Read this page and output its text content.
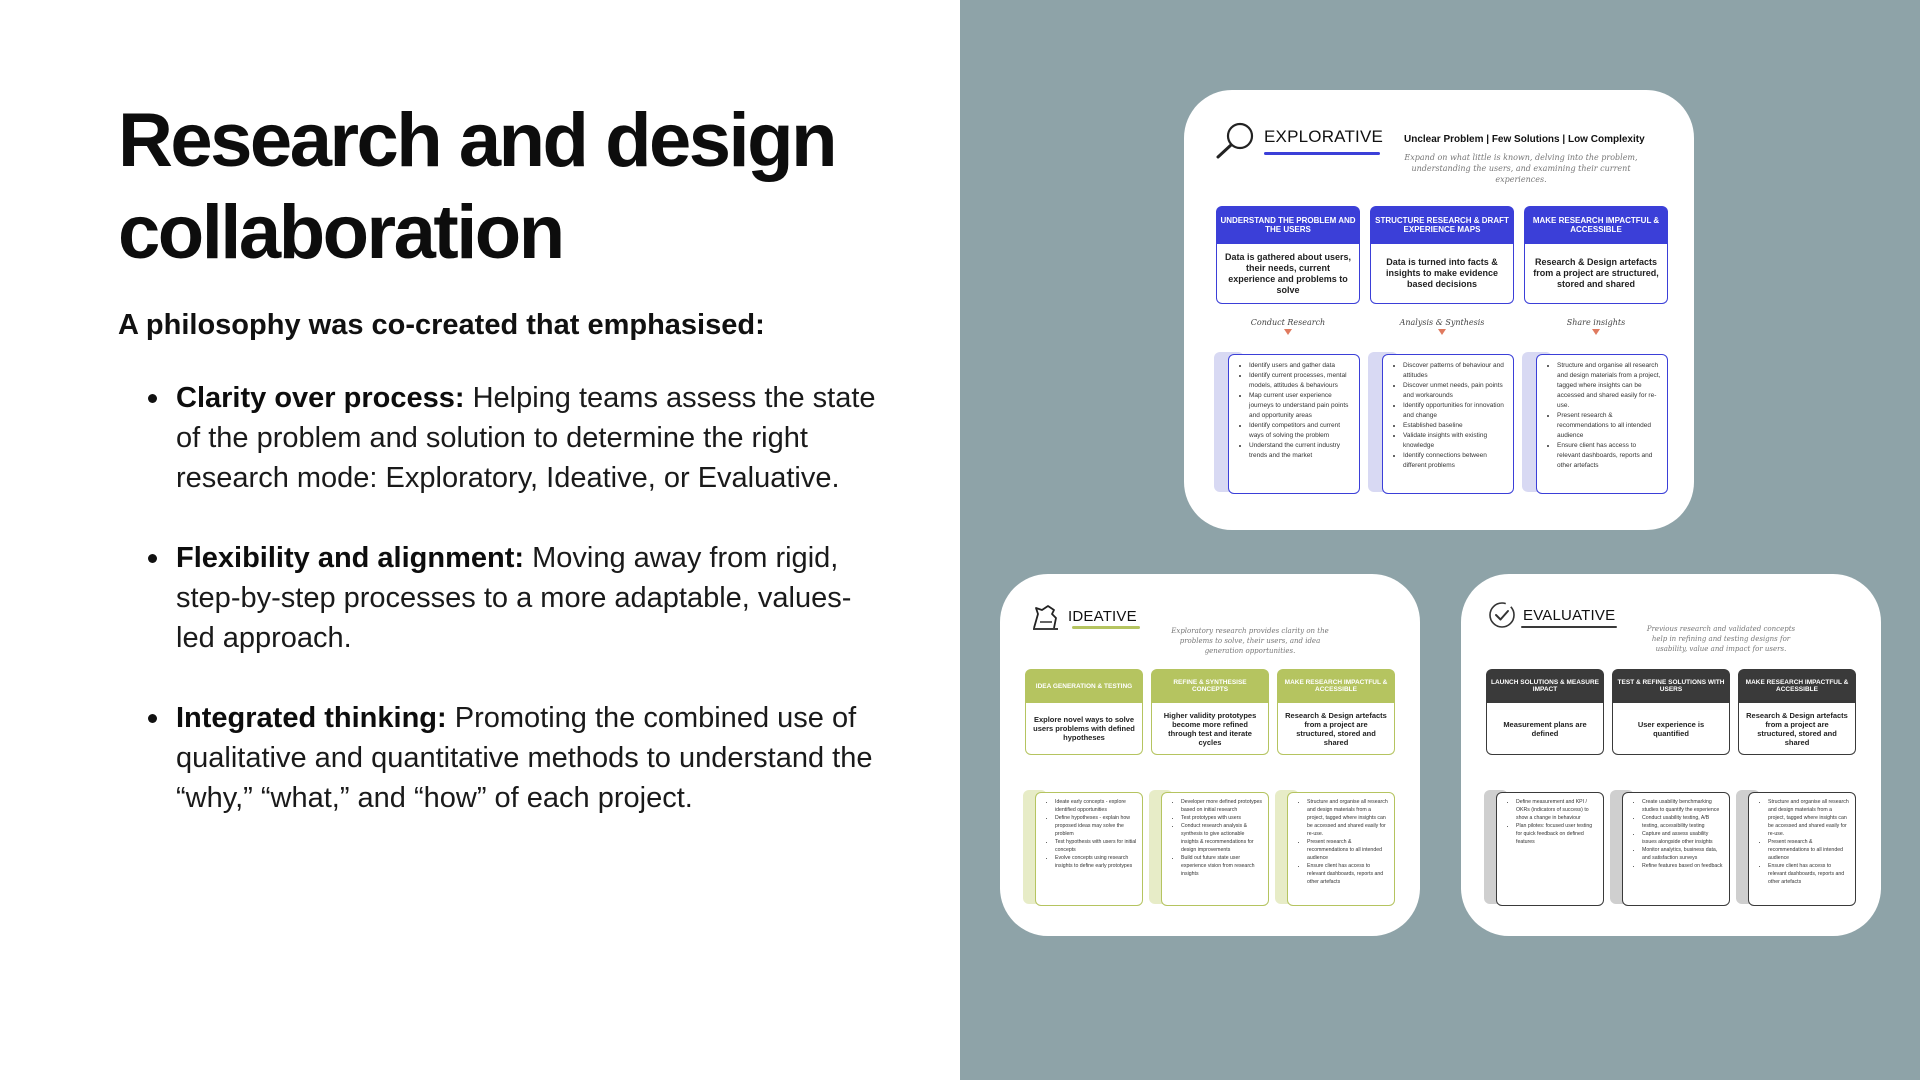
Research and design collaboration

A philosophy was co-created that emphasised:

Clarity over process: Helping teams assess the state of the problem and solution to determine the right research mode: Exploratory, Ideative, or Evaluative.
Flexibility and alignment: Moving away from rigid, step-by-step processes to a more adaptable, values-led approach.
Integrated thinking: Promoting the combined use of qualitative and quantitative methods to understand the “why,” “what,” and “how” of each project.
EXPLORATIVE Unclear Problem | Few Solutions | Low Complexity
Expand on what little is known, delving into the problem, understanding the users, and examining their current experiences.
UNDERSTAND THE PROBLEM AND THE USERS
Data is gathered about users, their needs, current experience and problems to solve
Conduct Research
STRUCTURE RESEARCH & DRAFT EXPERIENCE MAPS
Data is turned into facts & insights to make evidence based decisions
Analysis & Synthesis
MAKE RESEARCH IMPACTFUL & ACCESSIBLE
Research & Design artefacts from a project are structured, stored and shared
Share insights
• Identify users and gather data
• Identify current processes, mental models, attitudes & behaviours
• Map current user experience journeys to understand pain points and opportunity areas
• Identify competitors and current ways of solving the problem
• Understand the current industry trends and the market
• Discover patterns of behaviour and attitudes
• Discover unmet needs, pain points and workarounds
• Identify opportunities for innovation and change
• Established baseline
• Validate insights with existing knowledge
• Identify connections between different problems
• Structure and organise all research and design materials from a project, tagged where insights can be accessed and shared easily for re-use.
• Present research & recommendations to all intended audience
• Ensure client has access to relevant dashboards, reports and other artefacts
IDEATIVE
Exploratory research provides clarity on the problems to solve, their users, and idea generation opportunities.
IDEA GENERATION & TESTING
Explore novel ways to solve users problems with defined hypotheses
REFINE & SYNTHESISE CONCEPTS
Higher validity prototypes become more refined through test and iterate cycles
MAKE RESEARCH IMPACTFUL & ACCESSIBLE
Research & Design artefacts from a project are structured, stored and shared
• Ideate early concepts - explore identified opportunities
• Define hypotheses - explain how proposed ideas may solve the problem
• Test hypothesis with users for initial concepts
• Evolve concepts using research insights to define early prototypes
• Developer more defined prototypes based on initial research
• Test prototypes with users
• Conduct research analysis & synthesis to give actionable insights & recommendations for design improvements
• Build out future state user experience vision from research insights
• Structure and organise all research and design materials from a project, tagged where insights can be accessed and shared easily for re-use.
• Present research & recommendations to all intended audience
• Ensure client has access to relevant dashboards, reports and other artefacts
EVALUATIVE
Previous research and validated concepts help in refining and testing designs for usability, value and impact for users.
LAUNCH SOLUTIONS & MEASURE IMPACT
Measurement plans are defined
TEST & REFINE SOLUTIONS WITH USERS
User experience is quantified
MAKE RESEARCH IMPACTFUL & ACCESSIBLE
Research & Design artefacts from a project are structured, stored and shared
• Define measurement and KPI / OKRs (indicators of success) to show a change in behaviour
• Plan pilotes: focused user testing for quick feedback on defined features
• Create usability benchmarking studies to quantify the experience
• Conduct usability testing, A/B testing, accessibility testing
• Capture and assess usability issues alongside other insights
• Monitor analytics, business data, and satisfaction surveys
• Refine features based on feedback
• Structure and organise all research and design materials from a project, tagged where insights can be accessed and shared easily for re-use.
• Present research & recommendations to all intended audience
• Ensure client has access to relevant dashboards, reports and other artefacts
